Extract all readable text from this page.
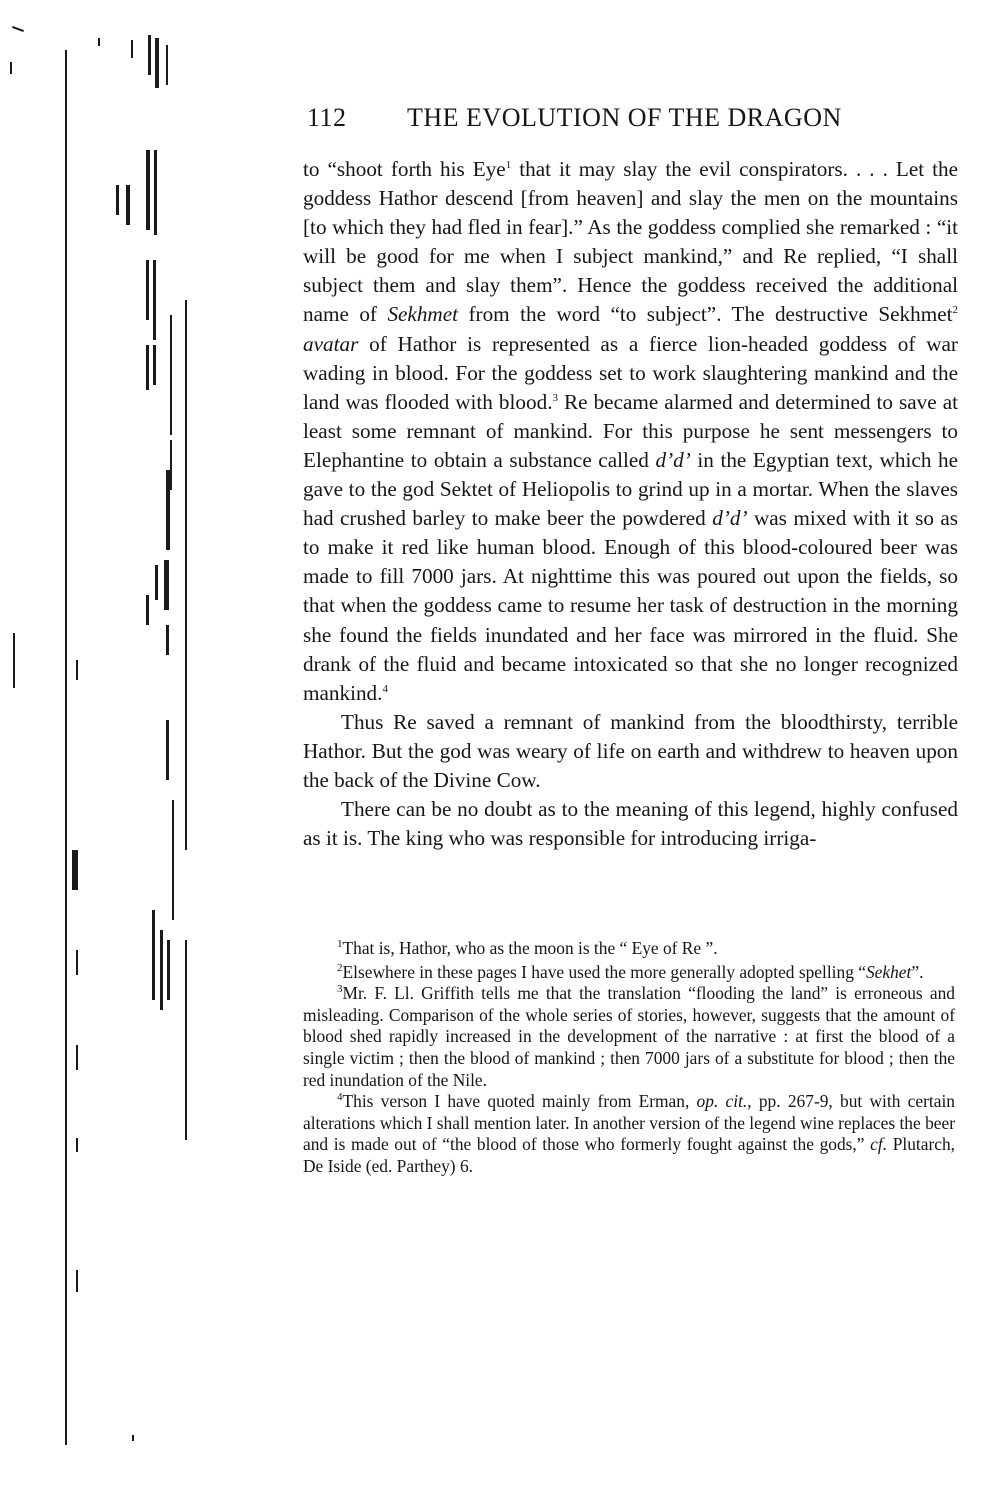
112 THE EVOLUTION OF THE DRAGON

to “shoot forth his Eye$^1$ that it may slay the evil conspirators. . . . Let the goddess Hathor descend [from heaven] and slay the men on the mountains [to which they had fled in fear].” As the goddess complied she remarked : “it will be good for me when I subject mankind,” and Re replied, “I shall subject them and slay them”. Hence the goddess received the additional name of Sekhmet from the word “to subject”. The destructive Sekhmet$^2$ avatar of Hathor is represented as a fierce lion-headed goddess of war wading in blood. For the goddess set to work slaughtering mankind and the land was flooded with blood.$^3$ Re became alarmed and determined to save at least some remnant of mankind. For this purpose he sent messengers to Elephantine to obtain a substance called d’d’ in the Egyptian text, which he gave to the god Sektet of Heliopolis to grind up in a mortar. When the slaves had crushed barley to make beer the powdered d’d’ was mixed with it so as to make it red like human blood. Enough of this blood-coloured beer was made to fill 7000 jars. At nighttime this was poured out upon the fields, so that when the goddess came to resume her task of destruction in the morning she found the fields inundated and her face was mirrored in the fluid. She drank of the fluid and became intoxicated so that she no longer recognized mankind.$^4$

Thus Re saved a remnant of mankind from the bloodthirsty, terrible Hathor. But the god was weary of life on earth and withdrew to heaven upon the back of the Divine Cow.

There can be no doubt as to the meaning of this legend, highly confused as it is. The king who was responsible for introducing irriga-

$^1$That is, Hathor, who as the moon is the “ Eye of Re ”.

$^2$Elsewhere in these pages I have used the more generally adopted spelling “Sekhet”.

$^3$Mr. F. Ll. Griffith tells me that the translation “flooding the land” is erroneous and misleading. Comparison of the whole series of stories, however, suggests that the amount of blood shed rapidly increased in the development of the narrative : at first the blood of a single victim ; then the blood of mankind ; then 7000 jars of a substitute for blood ; then the red inundation of the Nile.

$^4$This verson I have quoted mainly from Erman, op. cit., pp. 267-9, but with certain alterations which I shall mention later. In another version of the legend wine replaces the beer and is made out of “the blood of those who formerly fought against the gods,” cf. Plutarch, De Iside (ed. Parthey) 6.
